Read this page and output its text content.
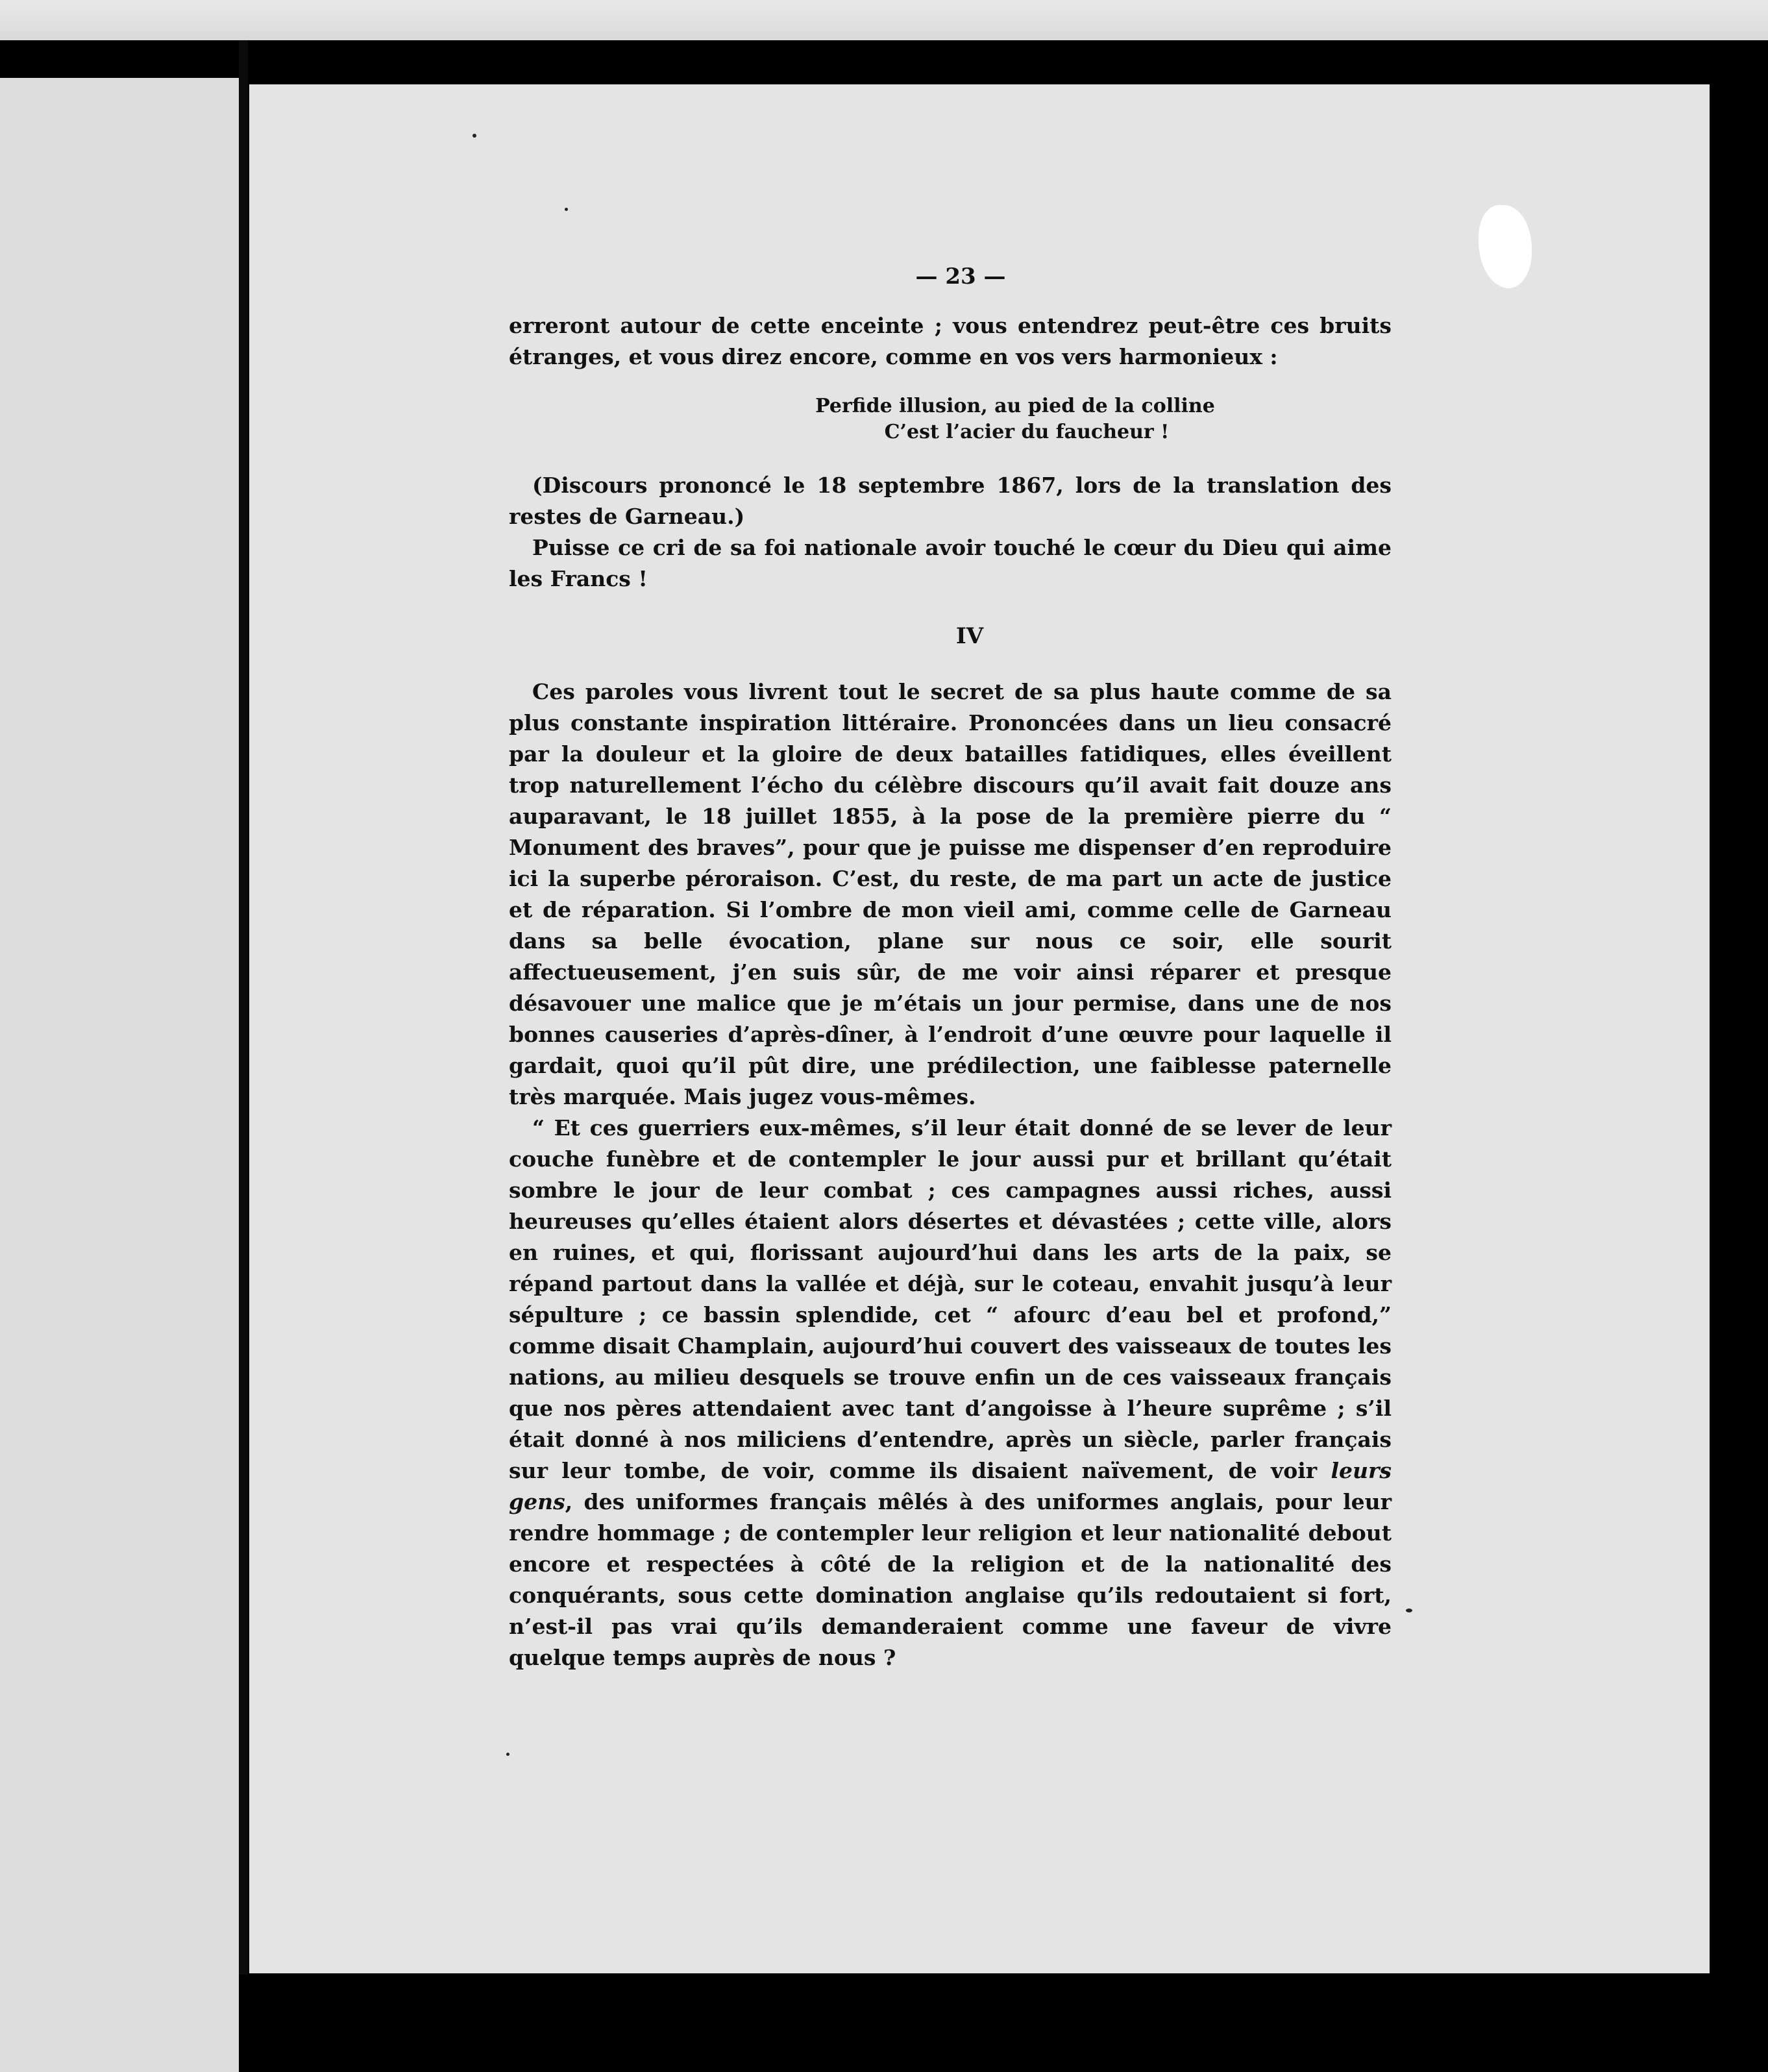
— 23 —

erreront autour de cette enceinte ; vous entendrez peut-être ces bruits étranges, et vous direz encore, comme en vos vers harmonieux :

Perfide illusion, au pied de la colline
C’est l’acier du faucheur !

(Discours prononcé le 18 septembre 1867, lors de la translation des restes de Garneau.)

Puisse ce cri de sa foi nationale avoir touché le cœur du Dieu qui aime les Francs !

IV

Ces paroles vous livrent tout le secret de sa plus haute comme de sa plus constante inspiration littéraire. Prononcées dans un lieu consacré par la douleur et la gloire de deux batailles fatidiques, elles éveillent trop naturellement l’écho du célèbre discours qu’il avait fait douze ans auparavant, le 18 juillet 1855, à la pose de la première pierre du “ Monument des braves”, pour que je puisse me dispenser d’en reproduire ici la superbe péroraison. C’est, du reste, de ma part un acte de justice et de réparation. Si l’ombre de mon vieil ami, comme celle de Garneau dans sa belle évocation, plane sur nous ce soir, elle sourit affectueusement, j’en suis sûr, de me voir ainsi réparer et presque désavouer une malice que je m’étais un jour permise, dans une de nos bonnes causeries d’après-dîner, à l’endroit d’une œuvre pour laquelle il gardait, quoi qu’il pût dire, une prédilection, une faiblesse paternelle très marquée. Mais jugez vous-mêmes.

“ Et ces guerriers eux-mêmes, s’il leur était donné de se lever de leur couche funèbre et de contempler le jour aussi pur et brillant qu’était sombre le jour de leur combat ; ces campagnes aussi riches, aussi heureuses qu’elles étaient alors désertes et dévastées ; cette ville, alors en ruines, et qui, florissant aujourd’hui dans les arts de la paix, se répand partout dans la vallée et déjà, sur le coteau, envahit jusqu’à leur sépulture ; ce bassin splendide, cet “ afourc d’eau bel et profond,” comme disait Champlain, aujourd’hui couvert des vaisseaux de toutes les nations, au milieu desquels se trouve enfin un de ces vaisseaux français que nos pères attendaient avec tant d’angoisse à l’heure suprême ; s’il était donné à nos miliciens d’entendre, après un siècle, parler français sur leur tombe, de voir, comme ils disaient naïvement, de voir leurs gens, des uniformes français mêlés à des uniformes anglais, pour leur rendre hommage ; de contempler leur religion et leur nationalité debout encore et respectées à côté de la religion et de la nationalité des conquérants, sous cette domination anglaise qu’ils redoutaient si fort, n’est-il pas vrai qu’ils demanderaient comme une faveur de vivre quelque temps auprès de nous ?
